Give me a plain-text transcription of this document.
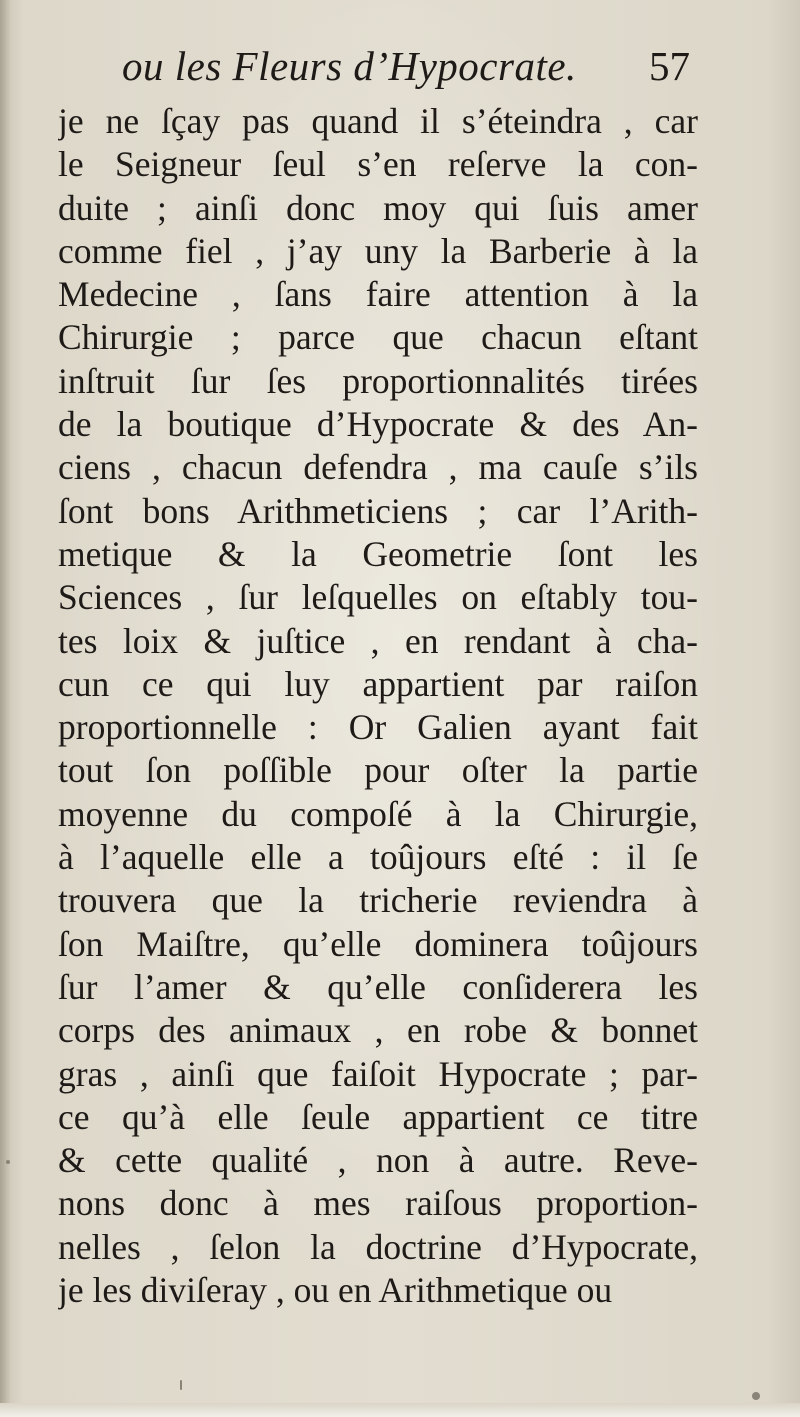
ou les Fleurs d’Hypocrate. 57
je ne ſçay pas quand il s’éteindra , car
le Seigneur ſeul s’en reſerve la con-
duite ; ainſi donc moy qui ſuis amer
comme fiel , j’ay uny la Barberie à la
Medecine , ſans faire attention à la
Chirurgie ; parce que chacun eſtant
inſtruit ſur ſes proportionnalités tirées
de la boutique d’Hypocrate & des An-
ciens , chacun defendra , ma cauſe s’ils
ſont bons Arithmeticiens ; car l’Arith-
metique & la Geometrie ſont les
Sciences , ſur leſquelles on eſtably tou-
tes loix & juſtice , en rendant à cha-
cun ce qui luy appartient par raiſon
proportionnelle : Or Galien ayant fait
tout ſon poſſible pour oſter la partie
moyenne du compoſé à la Chirurgie,
à l’aquelle elle a toûjours eſté : il ſe
trouvera que la tricherie reviendra à
ſon Maiſtre, qu’elle dominera toûjours
ſur l’amer & qu’elle conſiderera les
corps des animaux , en robe & bonnet
gras , ainſi que faiſoit Hypocrate ; par-
ce qu’à elle ſeule appartient ce titre
& cette qualité , non à autre. Reve-
nons donc à mes raiſous proportion-
nelles , ſelon la doctrine d’Hypocrate,
je les diviſeray , ou en Arithmetique ou
